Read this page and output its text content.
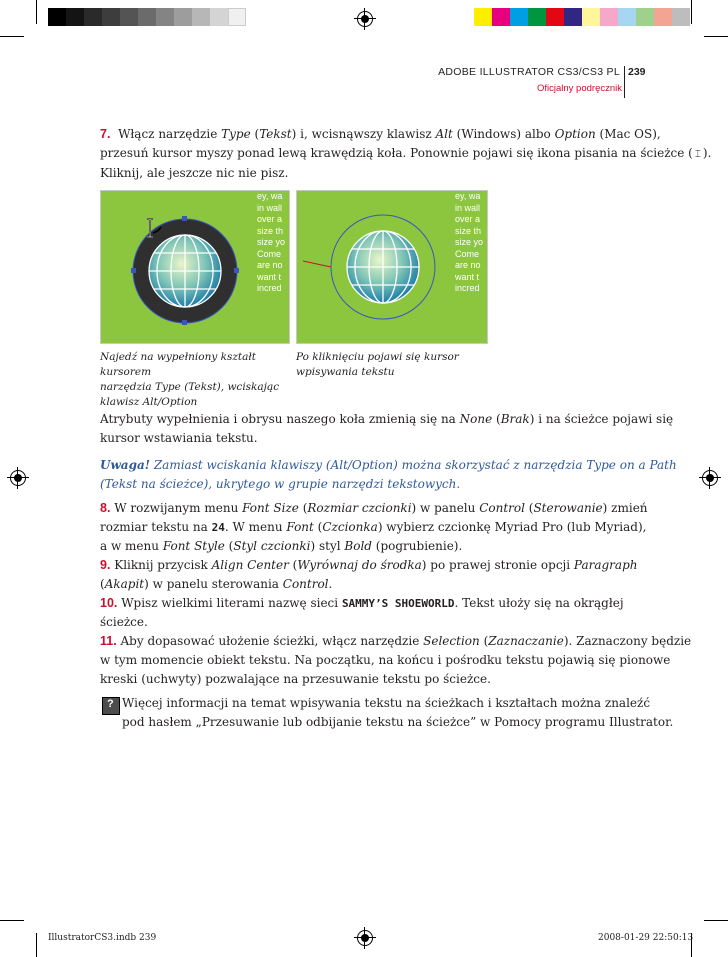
ADOBE ILLUSTRATOR CS3/CS3 PL 239
Oficjalny podręcznik
7. Włącz narzędzie Type (Tekst) i, wcisnąwszy klawisz Alt (Windows) albo Option (Mac OS),
przesuń kursor myszy ponad lewą krawędzią koła. Ponownie pojawi się ikona pisania na ścieżce ( ⌶ ).
Kliknij, ale jeszcze nic nie pisz.
ey, wa
in wall
over a
size th
size yo
Come
are no
want t
incred
ey, wa
in wall
over a
size th
size yo
Come
are no
want t
incred
Najedź na wypełniony kształt kursorem
narzędzia Type (Tekst), wciskając
klawisz Alt/Option
Po kliknięciu pojawi się kursor
wpisywania tekstu
Atrybuty wypełnienia i obrysu naszego koła zmienią się na None (Brak) i na ścieżce pojawi się
kursor wstawiania tekstu.
Uwaga! Zamiast wciskania klawiszy (Alt/Option) można skorzystać z narzędzia Type on a Path
(Tekst na ścieżce), ukrytego w grupie narzędzi tekstowych.
8. W rozwijanym menu Font Size (Rozmiar czcionki) w panelu Control (Sterowanie) zmień
rozmiar tekstu na 24. W menu Font (Czcionka) wybierz czcionkę Myriad Pro (lub Myriad),
a w menu Font Style (Styl czcionki) styl Bold (pogrubienie).
9. Kliknij przycisk Align Center (Wyrównaj do środka) po prawej stronie opcji Paragraph
(Akapit) w panelu sterowania Control.
10. Wpisz wielkimi literami nazwę sieci SAMMY’S SHOEWORLD. Tekst ułoży się na okrągłej
ścieżce.
11. Aby dopasować ułożenie ścieżki, włącz narzędzie Selection (Zaznaczanie). Zaznaczony będzie
w tym momencie obiekt tekstu. Na początku, na końcu i pośrodku tekstu pojawią się pionowe
kreski (uchwyty) pozwalające na przesuwanie tekstu po ścieżce.
?
Więcej informacji na temat wpisywania tekstu na ścieżkach i kształtach można znaleźć
pod hasłem „Przesuwanie lub odbijanie tekstu na ścieżce” w Pomocy programu Illustrator.
IllustratorCS3.indb 239	2008-01-29 22:50:13
